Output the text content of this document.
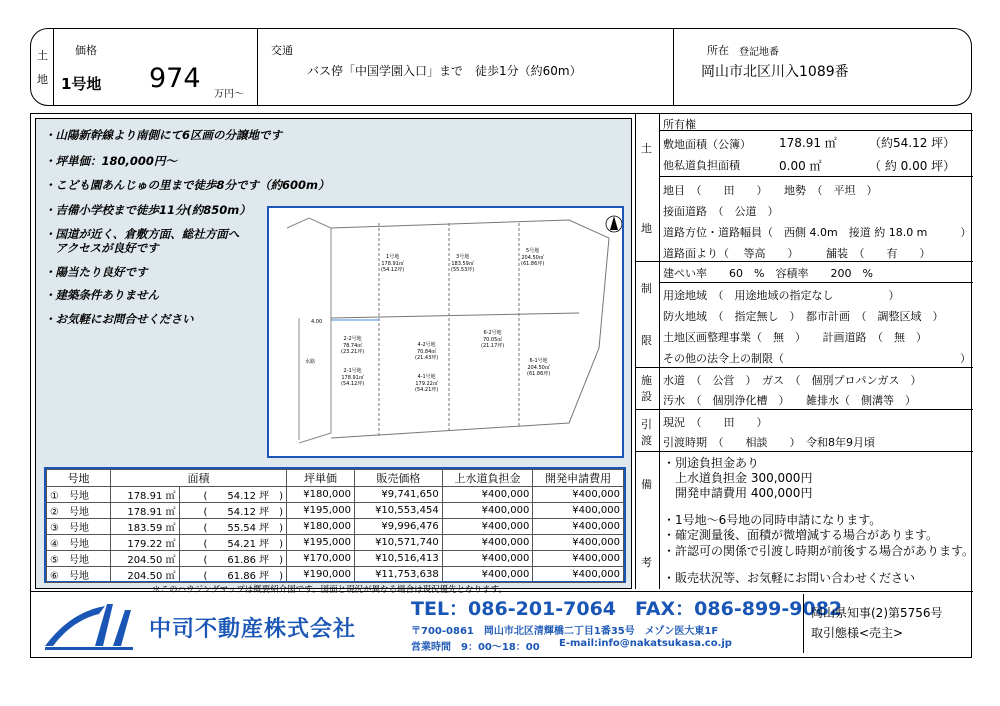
土
地
価格
1号地 974
万円～
交通
バス停「中国学園入口」まで　徒歩1分（約60m）
所在 登記地番
岡山市北区川入1089番
・山陽新幹線より南側にて6区画の分譲地です
・坪単価：180,000円～
・こども園あんじゅの里まで徒歩8分です（約600m）
・吉備小学校まで徒歩11分(約850m）
・国道が近く、倉敷方面、総社方面へ
　アクセスが良好です
・陽当たり良好です
・建築条件ありません
・お気軽にお問合せください	4.00
水路
1号地
178.91㎡
(54.12坪)
3号地
183.59㎡
(55.53坪)
5号地
204.50㎡
(61.86坪)
2-2号地
78.74㎡
(23.21坪)
4-2号地
70.84㎡
(21.43坪)
6-2号地
70.05㎡
(21.17坪)
2-1号地
178.91㎡
(54.12坪)
4-1号地
179.22㎡
(54.21坪)
6-1号地
204.50㎡
(61.86坪)
号地	面積		坪単価	販売価格	上水道負担金	開発申請費用
①　 号地	178.91 ㎡	(　　54.12 坪　)	¥180,000	¥9,741,650	¥400,000	¥400,000
②　 号地	178.91 ㎡	(　　54.12 坪　)	¥195,000	¥10,553,454	¥400,000	¥400,000
③　 号地	183.59 ㎡	(　　55.54 坪　)	¥180,000	¥9,996,476	¥400,000	¥400,000
④　 号地	179.22 ㎡	(　　54.21 坪　)	¥195,000	¥10,571,740	¥400,000	¥400,000
⑤　 号地	204.50 ㎡	(　　61.86 坪　)	¥170,000	¥10,516,413	¥400,000	¥400,000
⑥　 号地	204.50 ㎡	(　　61.86 坪　)	¥190,000	¥11,753,638	¥400,000	¥400,000
＊このハウジングマップは概要紹介図です。図面と現況が異なる場合は現況優先となります。
土
地
所有権
敷地面積（公簿） 178.91 ㎡	（約54.12 坪）
他私道負担面積	0.00 ㎡	（ 約 0.00 坪）
地目　（　　田　　）　　地勢　（　平坦　）
接面道路　（　公道　）
道路方位・道路幅員（　西側 4.0m　接道 約 18.0 m　　　）
道路面より（　 等高　　）　　　舗装　（　　有　　）
制
限
建ぺい率　　60　%　容積率　　200　%
用途地域　（　用途地域の指定なし　　　　　）
防火地域　（　指定無し　）　都市計画　（　調整区域　）
土地区画整理事業（　無　）　　計画道路　（　無　）
その他の法令上の制限（　　　　　　　　　　　　　　　　）
施
設
水道　（　公営　）　ガス　（　個別プロパンガス　）
汚水　（　個別浄化槽　）　　雑排水（　側溝等　）
引
渡
現況　（　　田　　）
引渡時期　（　　相談　　）　令和8年9月頃
備
考
・別途負担金あり
　上水道負担金 300,000円
　開発申請費用 400,000円
・1号地～6号地の同時申請になります。
・確定測量後、面積が微増減する場合があります。
・許認可の関係で引渡し時期が前後する場合があります。
・販売状況等、お気軽にお問い合わせください
中司不動産株式会社
TEL：086-201-7064　FAX：086-899-9082
〒700-0861　岡山市北区清輝橋二丁目1番35号　メゾン医大東1F
営業時間　9：00～18：00 E-mail:info@nakatsukasa.co.jp
岡山県知事(2)第5756号
取引態様<売主>
